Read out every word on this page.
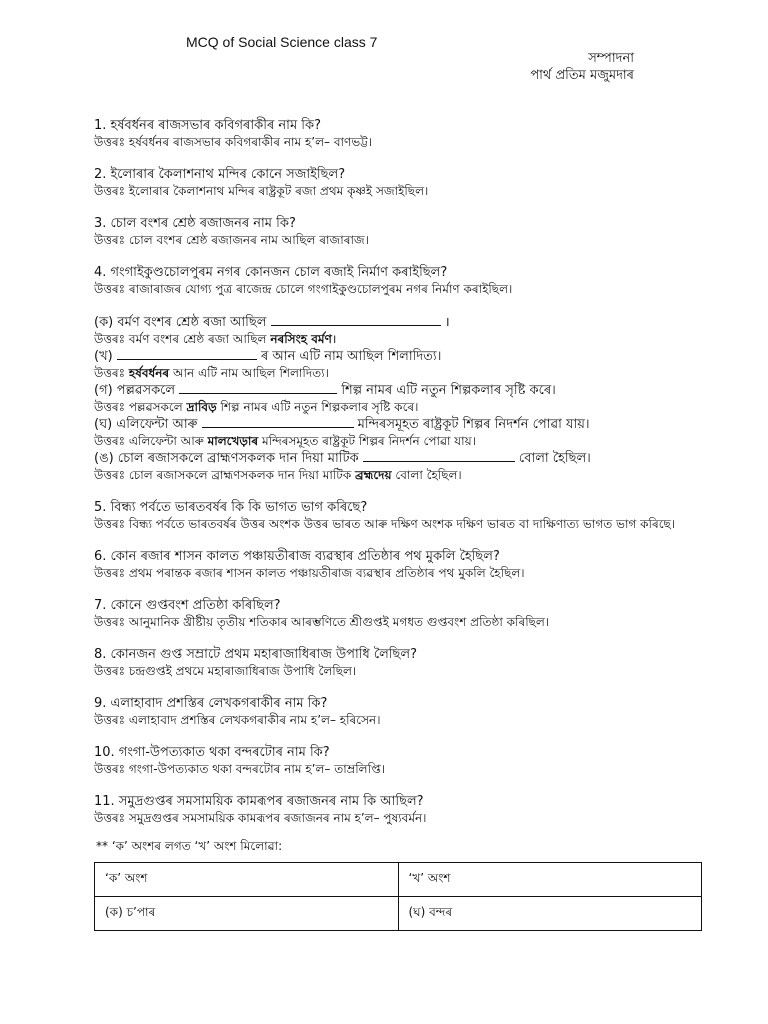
MCQ of Social Science class 7
সম্পাদনা
পাৰ্থ প্ৰতিম মজুমদাৰ

1. হৰ্ষবৰ্ধনৰ ৰাজসভাৰ কবিগৰাকীৰ নাম কি?

উত্তৰঃ হৰ্ষবৰ্ধনৰ ৰাজসভাৰ কবিগৰাকীৰ নাম হ’ল– বাণভট্ট।

2. ইলোৰাৰ কৈলাশনাথ মন্দিৰ কোনে সজাইছিল?

উত্তৰঃ ইলোৰাৰ কৈলাশনাথ মন্দিৰ ৰাষ্ট্ৰকূট ৰজা প্ৰথম কৃষ্ণই সজাইছিল।

3. চোল বংশৰ শ্ৰেষ্ঠ ৰজাজনৰ নাম কি?

উত্তৰঃ চোল বংশৰ শ্ৰেষ্ঠ ৰজাজনৰ নাম আছিল ৰাজাৰাজ।

4. গংগাইকুণ্ডচোলপুৰম নগৰ কোনজন চোল ৰজাই নিৰ্মাণ কৰাইছিল?

উত্তৰঃ ৰাজাৰাজৰ যোগ্য পুত্ৰ ৰাজেন্দ্ৰ চোলে গংগাইকুণ্ডচোলপুৰম নগৰ নিৰ্মাণ কৰাইছিল।

(ক) বৰ্মণ বংশৰ শ্ৰেষ্ঠ ৰজা আছিল	।

উত্তৰঃ বৰ্মণ বংশৰ শ্ৰেষ্ঠ ৰজা আছিল নৰসিংহ বৰ্মণ।

(খ)	ৰ আন এটি নাম আছিল শিলাদিত্য।

উত্তৰঃ হৰ্ষবৰ্ধনৰ আন এটি নাম আছিল শিলাদিত্য।

(গ) পল্লৱসকলে	শিল্প নামৰ এটি নতুন শিল্পকলাৰ সৃষ্টি কৰে।

উত্তৰঃ পল্লৱসকলে দ্ৰাবিড় শিল্প নামৰ এটি নতুন শিল্পকলাৰ সৃষ্টি কৰে।

(ঘ) এলিফেন্টা আৰু	মন্দিৰসমূহত ৰাষ্ট্ৰকূট শিল্পৰ নিদৰ্শন পোৱা যায়।

উত্তৰঃ এলিফেন্টা আৰু মালখেড়াৰ মন্দিৰসমূহত ৰাষ্ট্ৰকূট শিল্পৰ নিদৰ্শন পোৱা যায়।

(ঙ) চোল ৰজাসকলে ব্ৰাহ্মণসকলক দান দিয়া মাটিক	বোলা হৈছিল।

উত্তৰঃ চোল ৰজাসকলে ব্ৰাহ্মণসকলক দান দিয়া মাটিক ব্ৰহ্মদেয় বোলা হৈছিল।

5. বিন্ধ্য পৰ্বতে ভাৰতবৰ্ষৰ কি কি ভাগত ভাগ কৰিছে?

উত্তৰঃ বিন্ধ্য পৰ্বতে ভাৰতবৰ্ষৰ উত্তৰ অংশক উত্তৰ ভাৰত আৰু দক্ষিণ অংশক দক্ষিণ ভাৰত বা দাক্ষিণাত্য ভাগত ভাগ কৰিছে।

6. কোন ৰজাৰ শাসন কালত পঞ্চায়তীৰাজ ব্যৱস্থাৰ প্ৰতিষ্ঠাৰ পথ মুকলি হৈছিল?

উত্তৰঃ প্ৰথম পৰান্তক ৰজাৰ শাসন কালত পঞ্চায়তীৰাজ ব্যৱস্থাৰ প্ৰতিষ্ঠাৰ পথ মুকলি হৈছিল।

7. কোনে গুপ্তবংশ প্ৰতিষ্ঠা কৰিছিল?

উত্তৰঃ আনুমানিক খ্ৰীষ্টীয় তৃতীয় শতিকাৰ আৰম্ভণিতে শ্ৰীগুপ্তই মগধত গুপ্তবংশ প্ৰতিষ্ঠা কৰিছিল।

8. কোনজন গুপ্ত সম্ৰাটে প্ৰথম মহাৰাজাধিৰাজ উপাধি লৈছিল?

উত্তৰঃ চন্দ্ৰগুপ্তই প্ৰথমে মহাৰাজাধিৰাজ উপাধি লৈছিল।

9. এলাহাবাদ প্ৰশস্তিৰ লেখকগৰাকীৰ নাম কি?

উত্তৰঃ এলাহাবাদ প্ৰশস্তিৰ লেখকগৰাকীৰ নাম হ’ল– হৰিসেন।

10. গংগা-উপত্যকাত থকা বন্দৰটোৰ নাম কি?

উত্তৰঃ গংগা-উপত্যকাত থকা বন্দৰটোৰ নাম হ’ল– তাম্ৰলিপ্তি।

11. সমুদ্ৰগুপ্তৰ সমসাময়িক কামৰূপৰ ৰজাজনৰ নাম কি আছিল?

উত্তৰঃ সমুদ্ৰগুপ্তৰ সমসাময়িক কামৰূপৰ ৰজাজনৰ নাম হ’ল– পুষ্যবৰ্মন।

** ‘ক’ অংশৰ লগত ‘খ’ অংশ মিলোৱা:

‘ক’ অংশ	‘খ’ অংশ
(ক) চ’পাৰ	(ঘ) বন্দৰ
